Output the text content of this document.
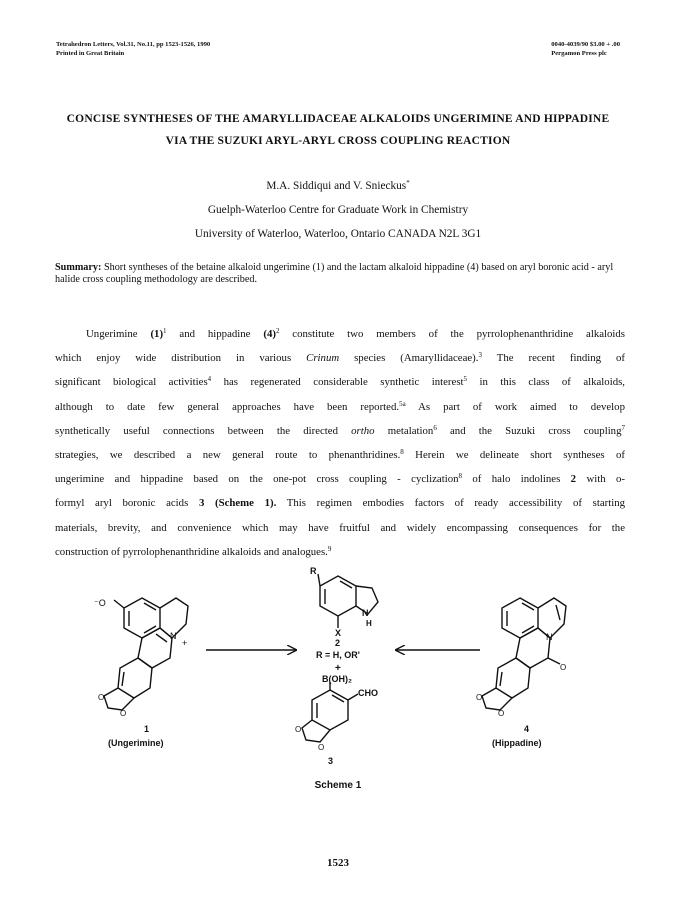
Tetrahedron Letters, Vol.31, No.11, pp 1523-1526, 1990
Printed in Great Britain
0040-4039/90 $3.00 + .00
Pergamon Press plc
CONCISE SYNTHESES OF THE AMARYLLIDACEAE ALKALOIDS UNGERIMINE AND HIPPADINE
VIA THE SUZUKI ARYL-ARYL CROSS COUPLING REACTION
M.A. Siddiqui and V. Snieckus*
Guelph-Waterloo Centre for Graduate Work in Chemistry
University of Waterloo, Waterloo, Ontario CANADA N2L 3G1
Summary: Short syntheses of the betaine alkaloid ungerimine (1) and the lactam alkaloid hippadine (4) based on aryl boronic acid - aryl halide cross coupling methodology are described.
Ungerimine $(1)^1$ and hippadine $(4)^2$ constitute two members of the pyrrolophenanthridine alkaloids
which enjoy wide distribution in various Crinum species (Amaryllidaceae).$^3$ The recent finding of
significant biological activities$^4$ has regenerated considerable synthetic interest$^5$ in this class of alkaloids,
although to date few general approaches have been reported.$^{5a}$ As part of work aimed to develop
synthetically useful connections between the directed ortho metalation$^6$ and the Suzuki cross coupling$^7$
strategies, we described a new general route to phenanthridines.$^8$ Herein we delineate short syntheses of
ungerimine and hippadine based on the one-pot cross coupling - cyclization$^8$ of halo indolines 2 with o-
formyl aryl boronic acids 3 (Scheme 1). This regimen embodies factors of ready accessibility of starting
materials, brevity, and convenience which may have fruitful and widely encompassing consequences for the
construction of pyrrolophenanthridine alkaloids and analogues.$^9$
⁻O
N
+
O
O
1
(Ungerimine)
R
N
H
X
2
R = H, OR'
+
B(OH)₂
CHO
O
O
3
N
O
O
O
4
(Hippadine)
Scheme 1
1523
